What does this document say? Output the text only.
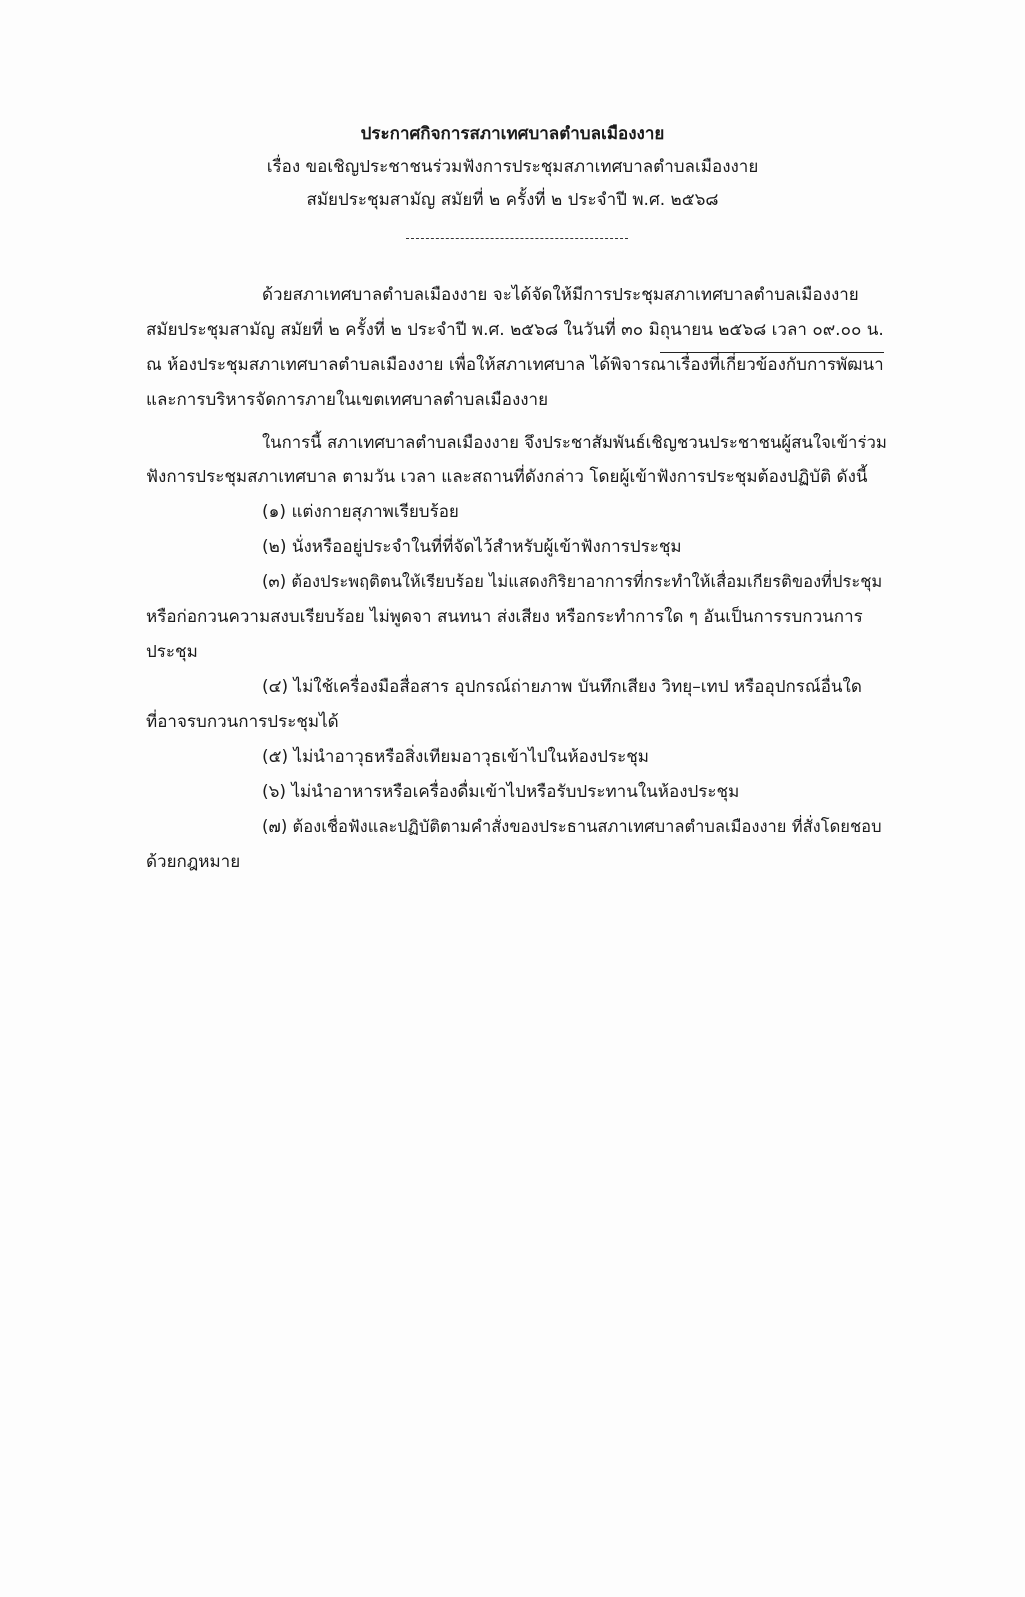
ประกาศกิจการสภาเทศบาลตำบลเมืองงาย
เรื่อง ขอเชิญประชาชนร่วมฟังการประชุมสภาเทศบาลตำบลเมืองงาย
สมัยประชุมสามัญ สมัยที่ ๒ ครั้งที่ ๒ ประจำปี พ.ศ. ๒๕๖๘
ด้วยสภาเทศบาลตำบลเมืองงาย จะได้จัดให้มีการประชุมสภาเทศบาลตำบลเมืองงาย
สมัยประชุมสามัญ สมัยที่ ๒ ครั้งที่ ๒ ประจำปี พ.ศ. ๒๕๖๘ ในวันที่ ๓๐ มิถุนายน ๒๕๖๘ เวลา ๐๙.๐๐ น.
ณ ห้องประชุมสภาเทศบาลตำบลเมืองงาย เพื่อให้สภาเทศบาล ได้พิจารณาเรื่องที่เกี่ยวข้องกับการพัฒนา
และการบริหารจัดการภายในเขตเทศบาลตำบลเมืองงาย
ในการนี้ สภาเทศบาลตำบลเมืองงาย จึงประชาสัมพันธ์เชิญชวนประชาชนผู้สนใจเข้าร่วม
ฟังการประชุมสภาเทศบาล ตามวัน เวลา และสถานที่ดังกล่าว โดยผู้เข้าฟังการประชุมต้องปฏิบัติ ดังนี้
(๑) แต่งกายสุภาพเรียบร้อย
(๒) นั่งหรืออยู่ประจำในที่ที่จัดไว้สำหรับผู้เข้าฟังการประชุม
(๓) ต้องประพฤติตนให้เรียบร้อย ไม่แสดงกิริยาอาการที่กระทำให้เสื่อมเกียรติของที่ประชุม
หรือก่อกวนความสงบเรียบร้อย ไม่พูดจา สนทนา ส่งเสียง หรือกระทำการใด ๆ อันเป็นการรบกวนการ
ประชุม
(๔) ไม่ใช้เครื่องมือสื่อสาร อุปกรณ์ถ่ายภาพ บันทึกเสียง วิทยุ–เทป หรืออุปกรณ์อื่นใด
ที่อาจรบกวนการประชุมได้
(๕) ไม่นำอาวุธหรือสิ่งเทียมอาวุธเข้าไปในห้องประชุม
(๖) ไม่นำอาหารหรือเครื่องดื่มเข้าไปหรือรับประทานในห้องประชุม
(๗) ต้องเชื่อฟังและปฏิบัติตามคำสั่งของประธานสภาเทศบาลตำบลเมืองงาย ที่สั่งโดยชอบ
ด้วยกฎหมาย
